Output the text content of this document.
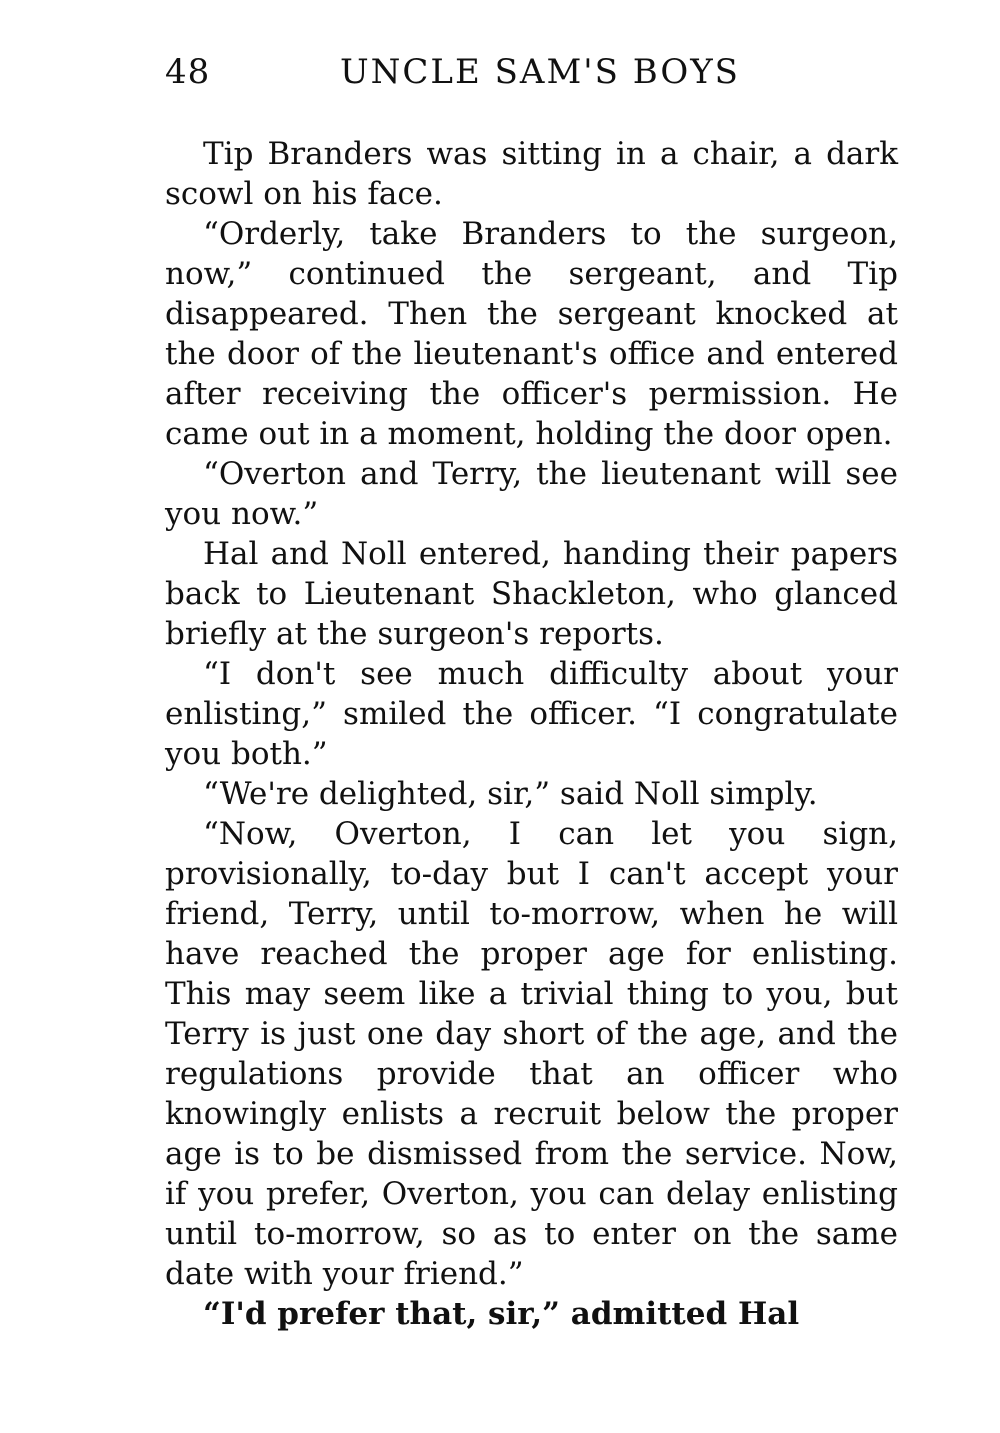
48	UNCLE SAM'S BOYS

Tip Branders was sitting in a chair, a dark scowl on his face.

“Orderly, take Branders to the surgeon, now,” continued the sergeant, and Tip disappeared. Then the sergeant knocked at the door of the lieutenant's office and entered after receiving the officer's permission. He came out in a moment, holding the door open.

“Overton and Terry, the lieutenant will see you now.”

Hal and Noll entered, handing their papers back to Lieutenant Shackleton, who glanced briefly at the surgeon's reports.

“I don't see much difficulty about your enlisting,” smiled the officer. “I congratulate you both.”

“We're delighted, sir,” said Noll simply.

“Now, Overton, I can let you sign, provisionally, to-day but I can't accept your friend, Terry, until to-morrow, when he will have reached the proper age for enlisting. This may seem like a trivial thing to you, but Terry is just one day short of the age, and the regulations provide that an officer who knowingly enlists a recruit below the proper age is to be dismissed from the service. Now, if you prefer, Overton, you can delay enlisting until to-morrow, so as to enter on the same date with your friend.”

“I'd prefer that, sir,” admitted Hal
